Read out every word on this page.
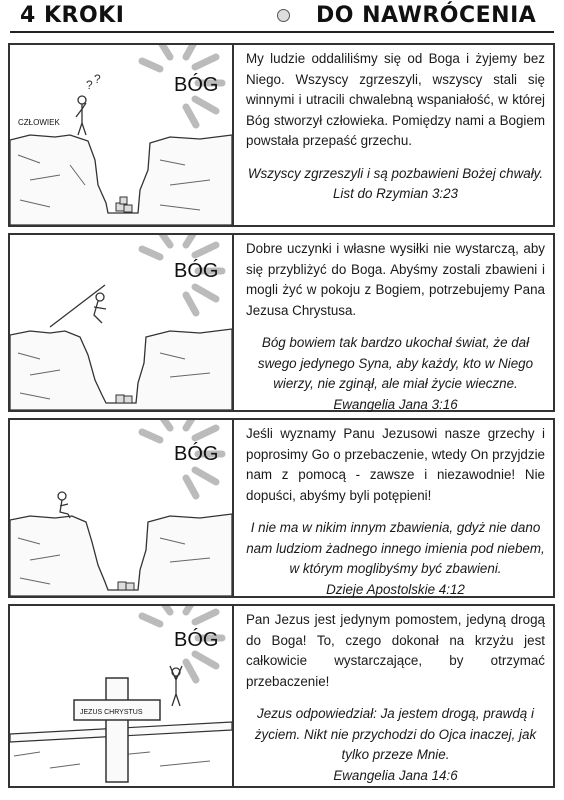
4 KROKI	DO NAWRÓCENIA
BÓG
? ?
CZŁOWIEK
My ludzie oddaliliśmy się od Boga i żyjemy bez Niego. Wszyscy zgrzeszyli, wszyscy stali się winnymi i utracili chwalebną wspaniałość, w której Bóg stworzył człowieka. Pomiędzy nami a Bogiem powstała przepaść grzechu.
Wszyscy zgrzeszyli i są pozbawieni Bożej chwały.
List do Rzymian 3:23
BÓG
Dobre uczynki i własne wysiłki nie wystarczą, aby się przybliżyć do Boga. Abyśmy zostali zbawieni i mogli żyć w pokoju z Bogiem, potrzebujemy Pana Jezusa Chrystusa.
Bóg bowiem tak bardzo ukochał świat, że dał swego jedynego Syna, aby każdy, kto w Niego wierzy, nie zginął, ale miał życie wieczne.
Ewangelia Jana 3:16
BÓG
Jeśli wyznamy Panu Jezusowi nasze grzechy i poprosimy Go o przebaczenie, wtedy On przyjdzie nam z pomocą - zawsze i niezawodnie! Nie dopuści, abyśmy byli potępieni!
I nie ma w nikim innym zbawienia, gdyż nie dano nam ludziom żadnego innego imienia pod niebem, w którym moglibyśmy być zbawieni.
Dzieje Apostolskie 4:12
BÓG
JEZUS CHRYSTUS
Pan Jezus jest jedynym pomostem, jedyną drogą do Boga! To, czego dokonał na krzyżu jest całkowicie wystarczające, by otrzymać przebaczenie!
Jezus odpowiedział: Ja jestem drogą, prawdą i życiem. Nikt nie przychodzi do Ojca inaczej, jak tylko przeze Mnie.
Ewangelia Jana 14:6
